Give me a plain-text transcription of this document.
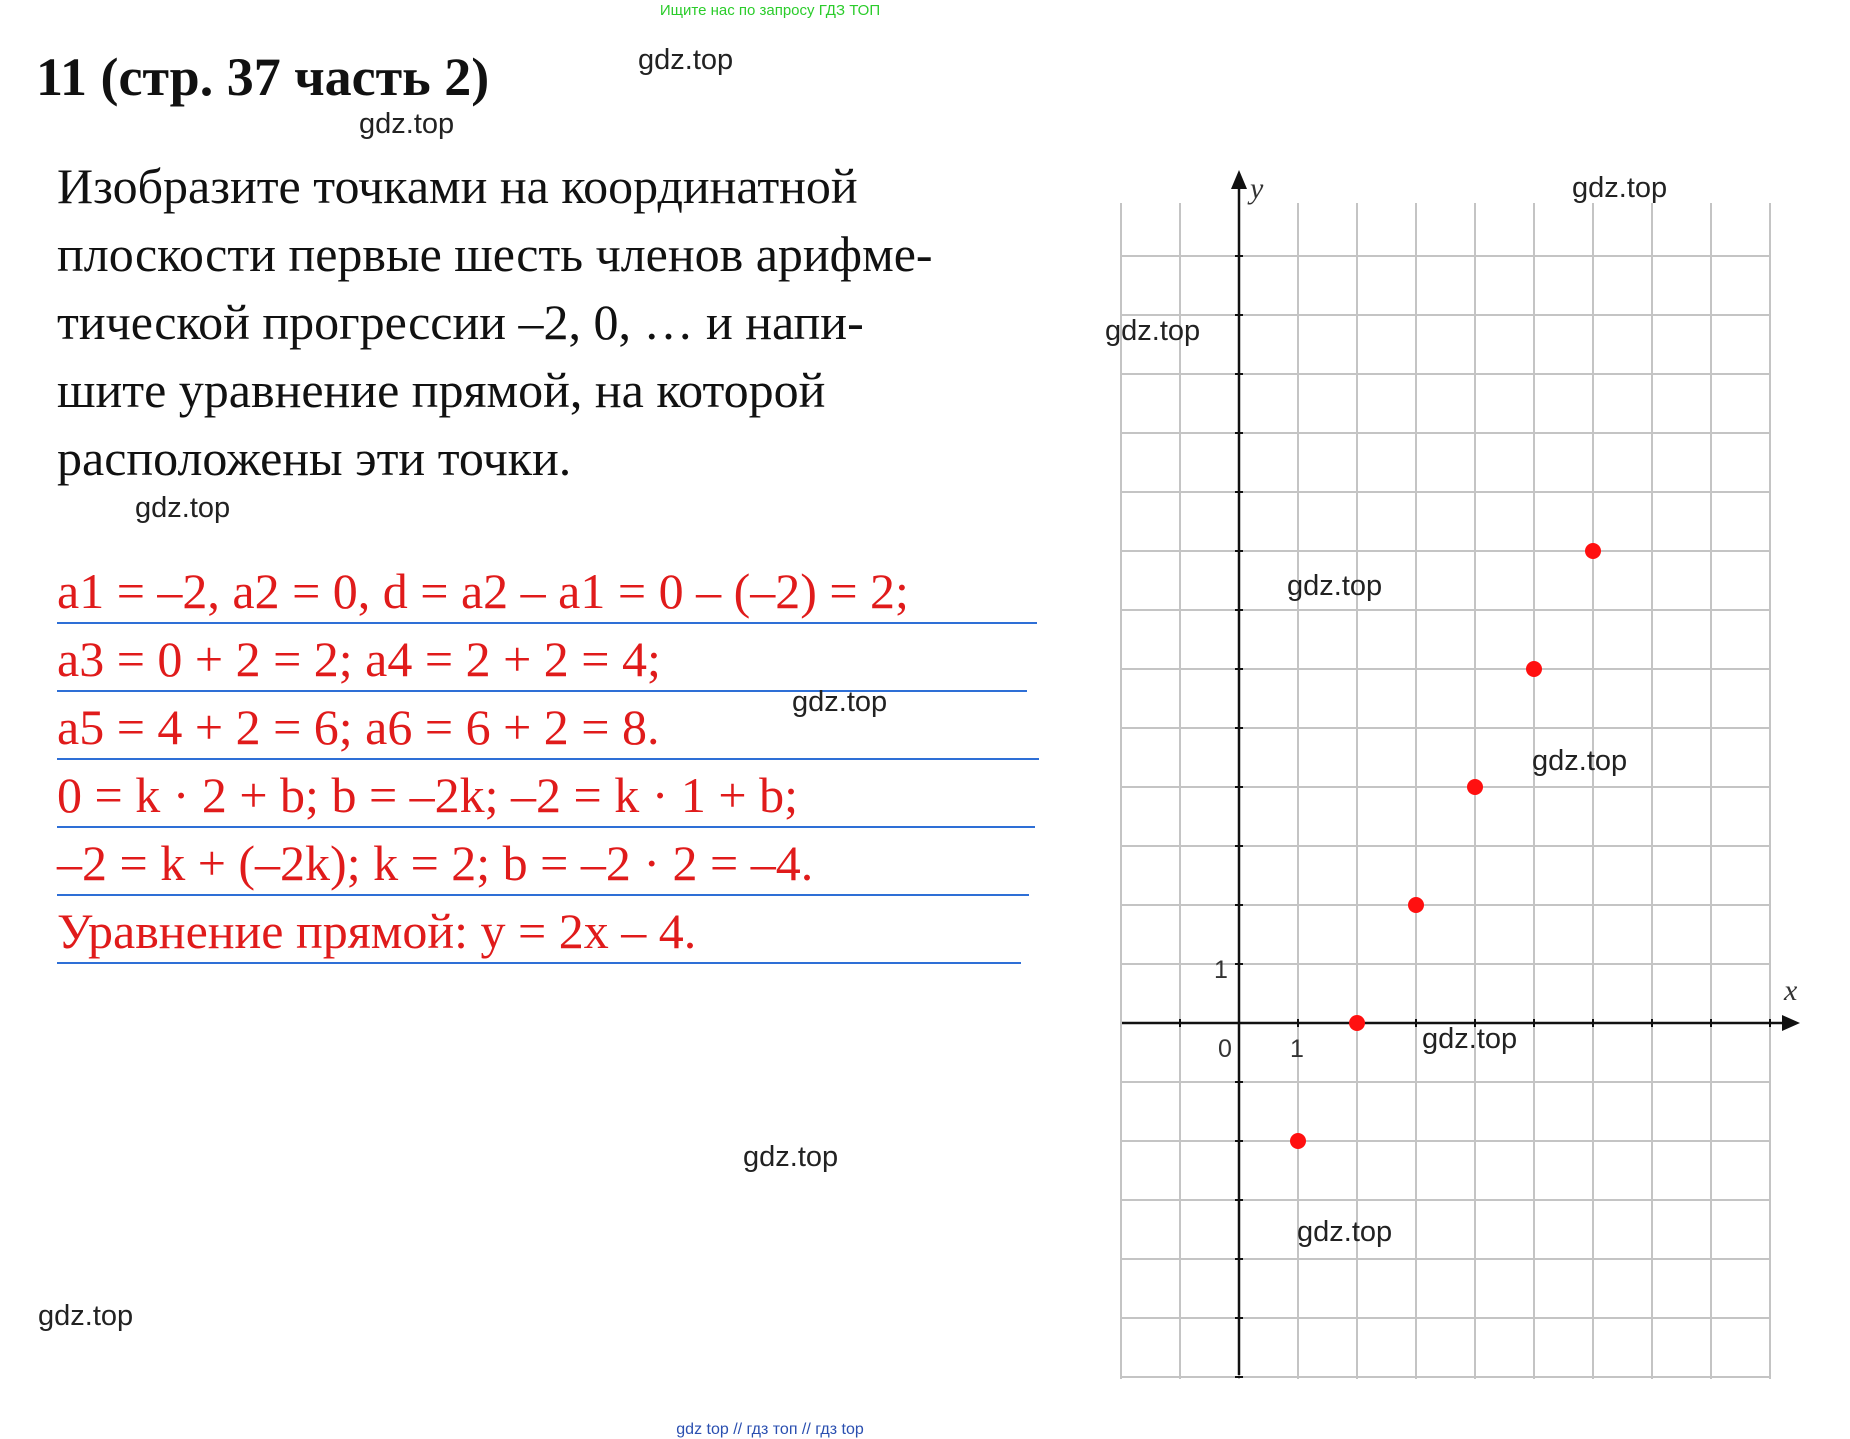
Ищите нас по запросу ГДЗ ТОП
11 (стр. 37 часть 2)
Изобразите точками на координатной
плоскости первые шесть членов арифме-
тической прогрессии –2, 0, … и напи-
шите уравнение прямой, на которой
расположены эти точки.
a1 = –2, a2 = 0, d = a2 – a1 = 0 – (–2) = 2;
a3 = 0 + 2 = 2; a4 = 2 + 2 = 4;
a5 = 4 + 2 = 6; a6 = 6 + 2 = 8.
0 = k · 2 + b; b = –2k; –2 = k · 1 + b;
–2 = k + (–2k); k = 2; b = –2 · 2 = –4.
Уравнение прямой: y = 2x – 4.
x
y
0 1
1
gdz.top
gdz.top
gdz.top
gdz.top
gdz.top
gdz.top
gdz.top
gdz.top
gdz.top
gdz.top
gdz.top
gdz.top
gdz top // гдз топ // гдз top
